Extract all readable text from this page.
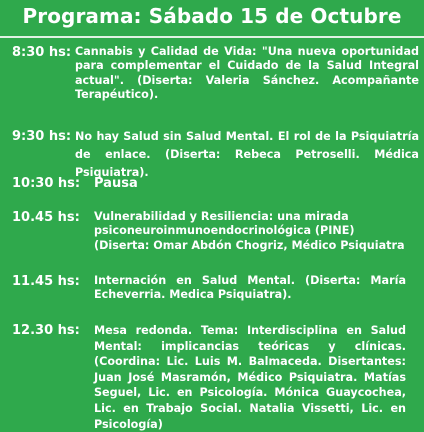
Programa: Sábado 15 de Octubre
8:30 hs: Cannabis y Calidad de Vida: "Una nueva oportunidad para complementar el Cuidado de la Salud Integral actual". (Diserta: Valeria Sánchez. Acompañante Terapéutico).
9:30 hs: No hay Salud sin Salud Mental. El rol de la Psiquiatría de enlace. (Diserta: Rebeca Petroselli. Médica Psiquiatra).
10:30 hs: Pausa
10.45 hs: Vulnerabilidad y Resiliencia: una mirada psiconeuroinmunoendocrinológica (PINE) (Diserta: Omar Abdón Chogriz, Médico Psiquiatra
11.45 hs: Internación en Salud Mental. (Diserta: María Echeverria. Medica Psiquiatra).
12.30 hs: Mesa redonda. Tema: Interdisciplina en Salud Mental: implicancias teóricas y clínicas. (Coordina: Lic. Luis M. Balmaceda. Disertantes: Juan José Masramón, Médico Psiquiatra. Matías Seguel, Lic. en Psicología. Mónica Guaycochea, Lic. en Trabajo Social. Natalia Vissetti, Lic. en Psicología)
